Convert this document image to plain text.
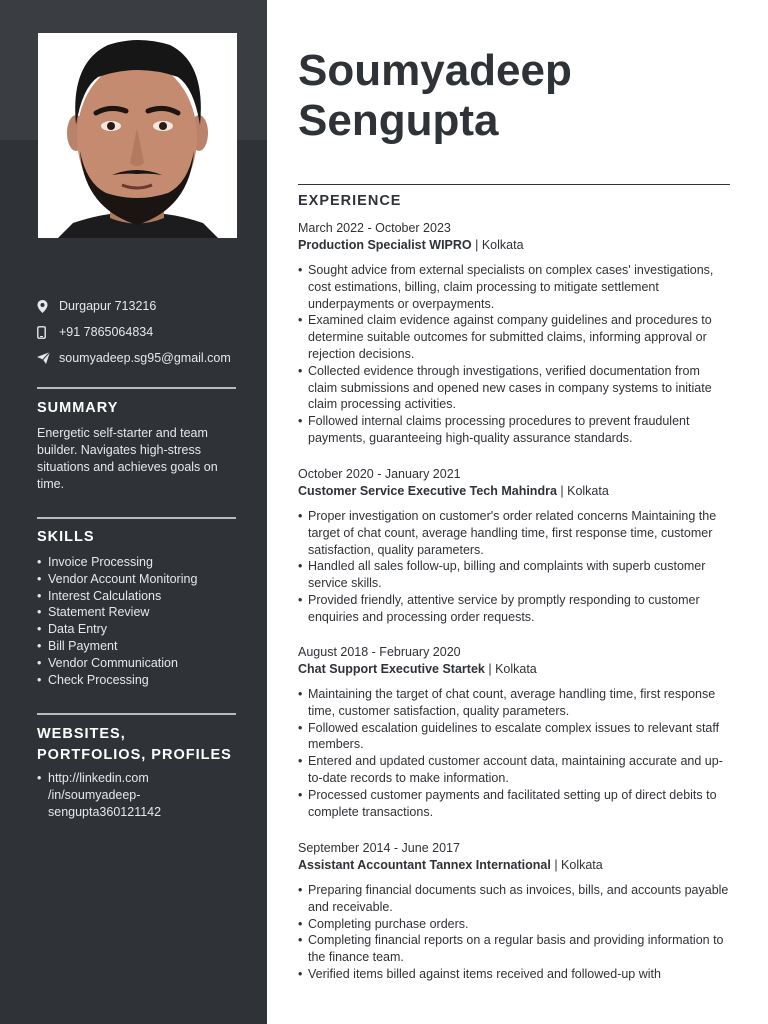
Durgapur 713216
+91 7865064834
soumyadeep.sg95@gmail.com
SUMMARY
Energetic self-starter and team builder. Navigates high-stress situations and achieves goals on time.
SKILLS
• Invoice Processing
• Vendor Account Monitoring
• Interest Calculations
• Statement Review
• Data Entry
• Bill Payment
• Vendor Communication
• Check Processing
WEBSITES,
PORTFOLIOS, PROFILES
• http://linkedin.com
/in/soumyadeep-
sengupta360121142
Soumyadeep
Sengupta
EXPERIENCE
March 2022 - October 2023
Production Specialist WIPRO | Kolkata
• Sought advice from external specialists on complex cases' investigations, cost estimations, billing, claim processing to mitigate settlement underpayments or overpayments.
• Examined claim evidence against company guidelines and procedures to determine suitable outcomes for submitted claims, informing approval or rejection decisions.
• Collected evidence through investigations, verified documentation from claim submissions and opened new cases in company systems to initiate claim processing activities.
• Followed internal claims processing procedures to prevent fraudulent payments, guaranteeing high-quality assurance standards.
October 2020 - January 2021
Customer Service Executive Tech Mahindra | Kolkata
• Proper investigation on customer's order related concerns Maintaining the target of chat count, average handling time, first response time, customer satisfaction, quality parameters.
• Handled all sales follow-up, billing and complaints with superb customer service skills.
• Provided friendly, attentive service by promptly responding to customer enquiries and processing order requests.
August 2018 - February 2020
Chat Support Executive Startek | Kolkata
• Maintaining the target of chat count, average handling time, first response time, customer satisfaction, quality parameters.
• Followed escalation guidelines to escalate complex issues to relevant staff members.
• Entered and updated customer account data, maintaining accurate and up-to-date records to make information.
• Processed customer payments and facilitated setting up of direct debits to complete transactions.
September 2014 - June 2017
Assistant Accountant Tannex International | Kolkata
• Preparing financial documents such as invoices, bills, and accounts payable and receivable.
• Completing purchase orders.
• Completing financial reports on a regular basis and providing information to the finance team.
• Verified items billed against items received and followed-up with
